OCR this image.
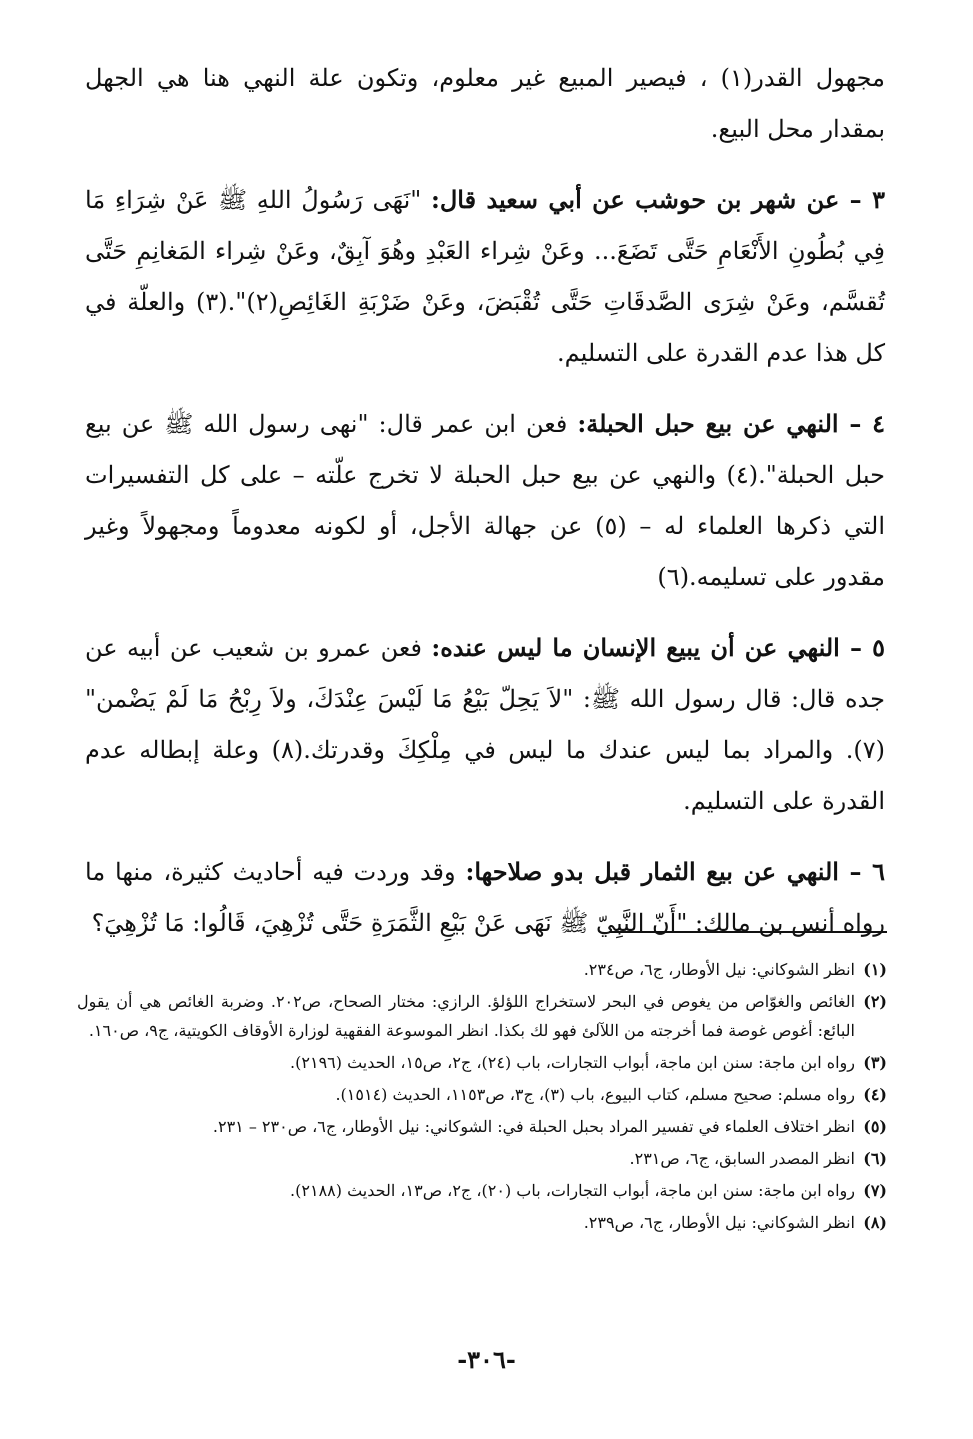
مجهول القدر(١) ، فيصير المبيع غير معلوم، وتكون علة النهي هنا هي الجهل بمقدار محل البيع.

٣ – عن شهر بن حوشب عن أبي سعيد قال: "نَهَى رَسُولُ اللهِ ﷺ عَنْ شِرَاءِ مَا فِي بُطُونِ الأَنْعَامِ حَتَّى تَضَعَ... وعَنْ شِراء العَبْدِ وهُوَ آبِقٌ، وعَنْ شِراء المَغانِمِ حَتَّى تُقسَّم، وعَنْ شِرَى الصَّدقَاتِ حَتَّى تُقْبَضَ، وعَنْ ضَرْبَةِ الغَائِصِ(٢)".(٣) والعلّة في كل هذا عدم القدرة على التسليم.

٤ – النهي عن بيع حبل الحبلة: فعن ابن عمر قال: "نهى رسول الله ﷺ عن بيع حبل الحبلة".(٤) والنهي عن بيع حبل الحبلة لا تخرج علّته – على كل التفسيرات التي ذكرها العلماء له – (٥) عن جهالة الأجل، أو لكونه معدوماً ومجهولاً وغير مقدور على تسليمه.(٦)

٥ – النهي عن أن يبيع الإنسان ما ليس عنده: فعن عمرو بن شعيب عن أبيه عن جده قال: قال رسول الله ﷺ: "لاَ يَحِلّ بَيْعُ مَا لَيْسَ عِنْدَكَ، ولاَ رِبْحُ مَا لَمْ يَضْمن"(٧). والمراد بما ليس عندك ما ليس في مِلْكِكَ وقدرتك.(٨) وعلة إبطاله عدم القدرة على التسليم.

٦ – النهي عن بيع الثمار قبل بدو صلاحها: وقد وردت فيه أحاديث كثيرة، منها ما رواه أنس بن مالك: "أَنّ النَّبِيّ ﷺ نَهَى عَنْ بَيْعِ الثَّمَرَةِ حَتَّى تُزْهِيَ، قَالُوا: مَا تُزْهِيَ؟

(١)
انظر الشوكاني: نيل الأوطار، ج٦، ص٢٣٤.
(٢)
الغائص والغوّاص من يغوص في البحر لاستخراج اللؤلؤ. الرازي: مختار الصحاح، ص٢٠٢. وضربة الغائص هي أن يقول البائع: أغوص غوصة فما أخرجته من اللآلئ فهو لك بكذا. انظر الموسوعة الفقهية لوزارة الأوقاف الكويتية، ج٩، ص١٦٠.
(٣)
رواه ابن ماجة: سنن ابن ماجة، أبواب التجارات، باب (٢٤)، ج٢، ص١٥، الحديث (٢١٩٦).
(٤)
رواه مسلم: صحيح مسلم، كتاب البيوع، باب (٣)، ج٣، ص١١٥٣، الحديث (١٥١٤).
(٥)
انظر اختلاف العلماء في تفسير المراد بحبل الحبلة في: الشوكاني: نيل الأوطار، ج٦، ص٢٣٠ – ٢٣١.
(٦)
انظر المصدر السابق، ج٦، ص٢٣١.
(٧)
رواه ابن ماجة: سنن ابن ماجة، أبواب التجارات، باب (٢٠)، ج٢، ص١٣، الحديث (٢١٨٨).
(٨)
انظر الشوكاني: نيل الأوطار، ج٦، ص٢٣٩.
-٣٠٦-
